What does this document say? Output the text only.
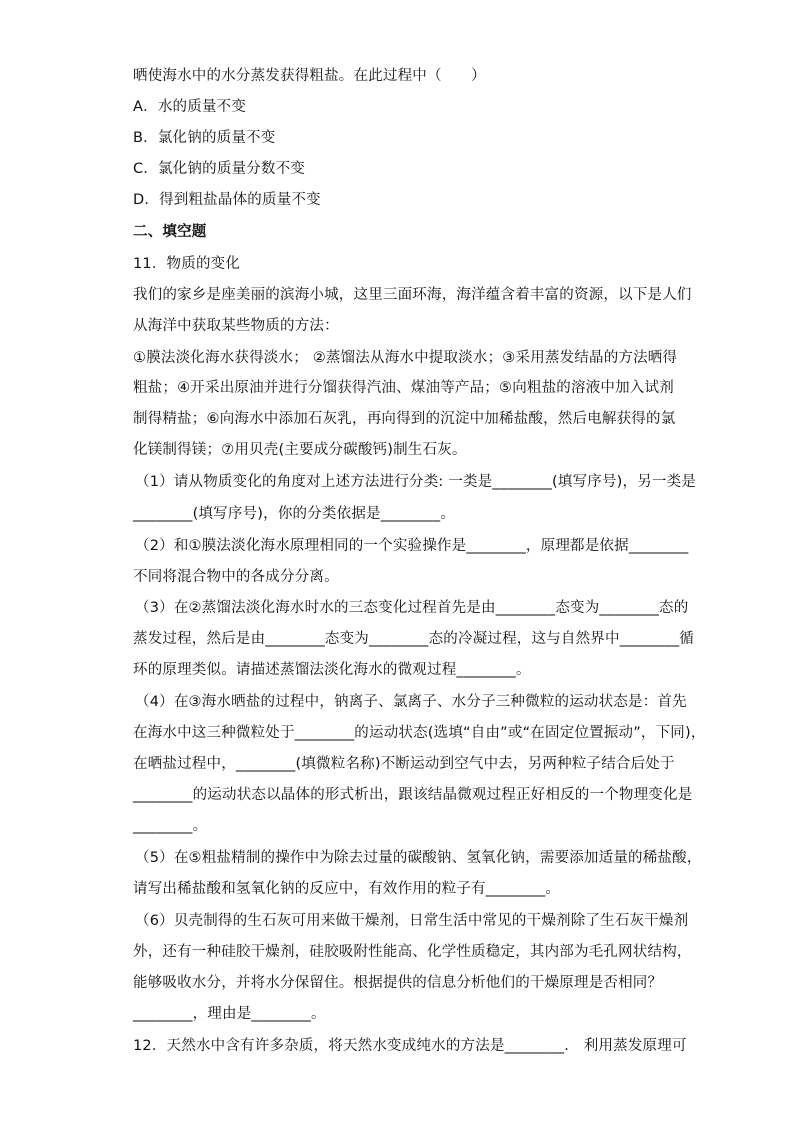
晒使海水中的水分蒸发获得粗盐。在此过程中（　　）
A．水的质量不变
B．氯化钠的质量不变
C．氯化钠的质量分数不变
D．得到粗盐晶体的质量不变
二、填空题
11．物质的变化
我们的家乡是座美丽的滨海小城，这里三面环海，海洋蕴含着丰富的资源，以下是人们
从海洋中获取某些物质的方法：
①膜法淡化海水获得淡水； ②蒸馏法从海水中提取淡水；③采用蒸发结晶的方法晒得
粗盐；④开采出原油并进行分馏获得汽油、煤油等产品；⑤向粗盐的溶液中加入试剂
制得精盐；⑥向海水中添加石灰乳，再向得到的沉淀中加稀盐酸，然后电解获得的氯
化镁制得镁；⑦用贝壳(主要成分碳酸钙)制生石灰。
（1）请从物质变化的角度对上述方法进行分类: 一类是________(填写序号)，另一类是
________(填写序号)，你的分类依据是________。
（2）和①膜法淡化海水原理相同的一个实验操作是________，原理都是依据________
不同将混合物中的各成分分离。
（3）在②蒸馏法淡化海水时水的三态变化过程首先是由________态变为________态的
蒸发过程，然后是由________态变为________态的冷凝过程，这与自然界中________循
环的原理类似。请描述蒸馏法淡化海水的微观过程________。
（4）在③海水晒盐的过程中，钠离子、氯离子、水分子三种微粒的运动状态是：首先
在海水中这三种微粒处于________的运动状态(选填“自由”或“在固定位置振动”，下同)，
在晒盐过程中，________(填微粒名称)不断运动到空气中去，另两种粒子结合后处于
________的运动状态以晶体的形式析出，跟该结晶微观过程正好相反的一个物理变化是
________。
（5）在⑤粗盐精制的操作中为除去过量的碳酸钠、氢氧化钠，需要添加适量的稀盐酸，
请写出稀盐酸和氢氧化钠的反应中，有效作用的粒子有________。
（6）贝壳制得的生石灰可用来做干燥剂，日常生活中常见的干燥剂除了生石灰干燥剂
外，还有一种硅胶干燥剂，硅胶吸附性能高、化学性质稳定，其内部为毛孔网状结构，
能够吸收水分，并将水分保留住。根据提供的信息分析他们的干燥原理是否相同？
________，理由是________。
12．天然水中含有许多杂质，将天然水变成纯水的方法是________． 利用蒸发原理可
